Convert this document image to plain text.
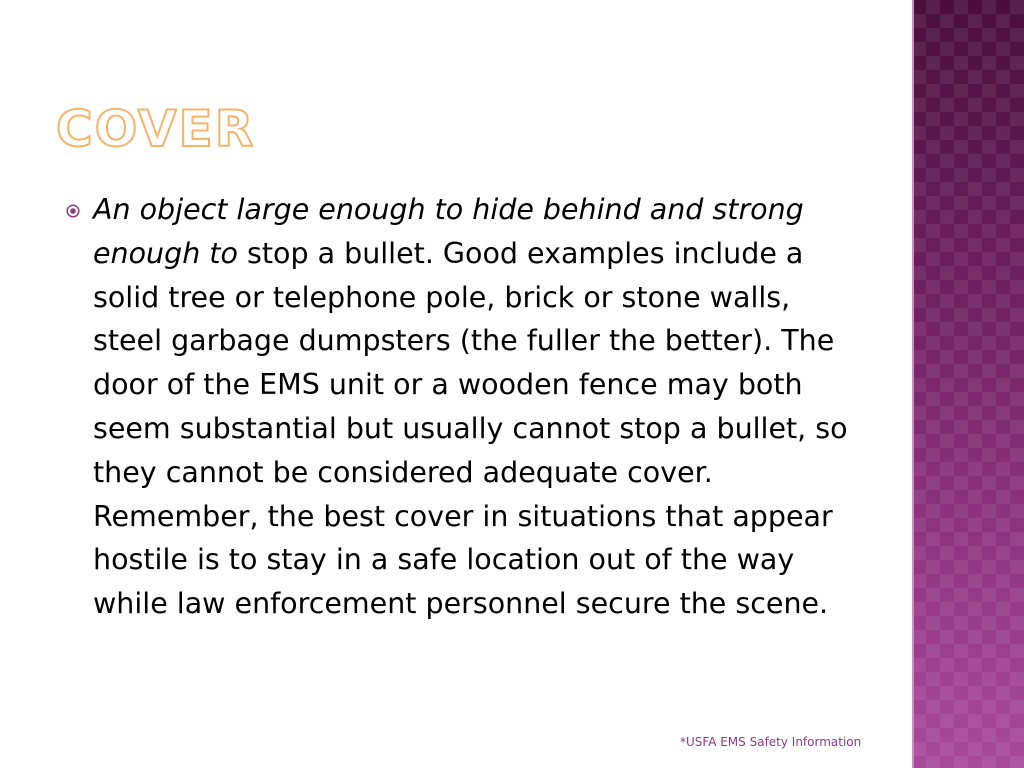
COVER
An object large enough to hide behind and strong enough to stop a bullet. Good examples include a solid tree or telephone pole, brick or stone walls, steel garbage dumpsters (the fuller the better). The door of the EMS unit or a wooden fence may both seem substantial but usually cannot stop a bullet, so they cannot be considered adequate cover. Remember, the best cover in situations that appear hostile is to stay in a safe location out of the way while law enforcement personnel secure the scene.
*USFA EMS Safety Information
